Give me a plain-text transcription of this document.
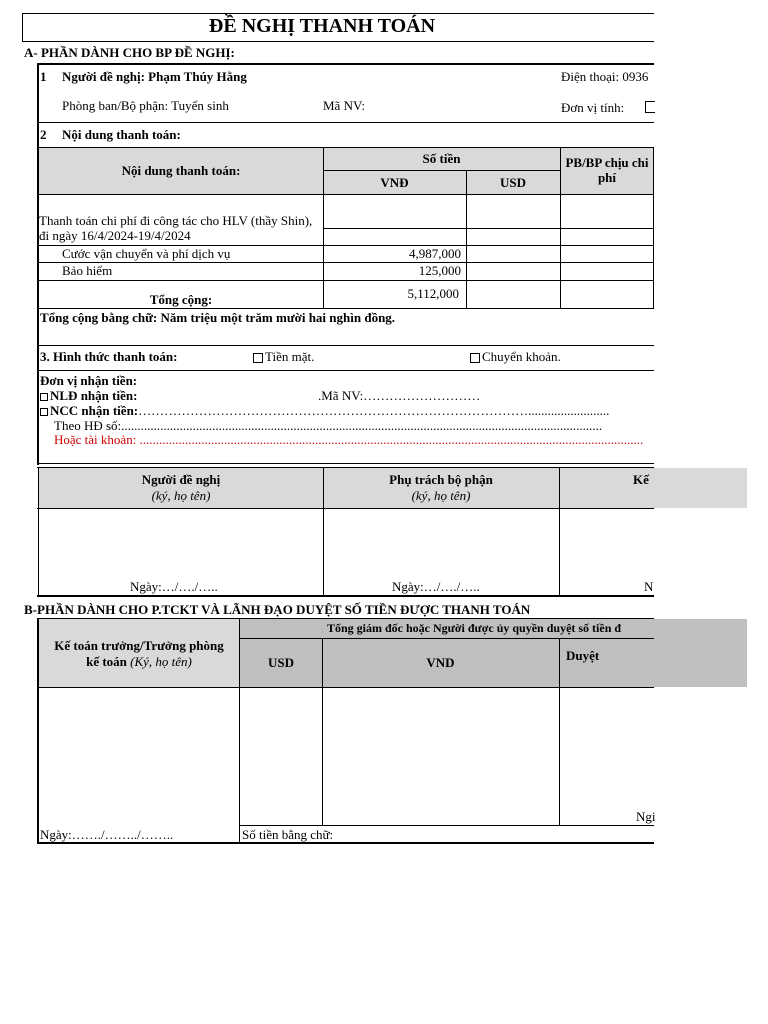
ĐỀ NGHỊ THANH TOÁN
A- PHẦN DÀNH CHO BP ĐỀ NGHỊ:
1 Người đề nghị: Phạm Thúy Hằng	Điện thoại: 0936
Phòng ban/Bộ phận: Tuyển sinh	Mã NV:	Đơn vị tính:
2 Nội dung thanh toán:
Nội dung thanh toán:
Số tiền
VNĐ	USD
PB/BP chịu chi phí
Thanh toán chi phí đi công tác cho HLV (thầy Shin), đi ngày 16/4/2024-19/4/2024
Cước vận chuyển và phí dịch vụ	4,987,000
Bảo hiểm	125,000
Tổng cộng:	5,112,000
Tổng cộng bằng chữ: Năm triệu một trăm mười hai nghìn đồng.
3. Hình thức thanh toán:	Tiền mặt.	Chuyển khoản.
Đơn vị nhận tiền:
NLĐ nhận tiền:	.Mã NV:………………………
NCC nhận tiền:……………………………………………………………………………….........................
Theo HĐ số:....................................................................................................................................................
Hoặc tài khoản: ...........................................................................................................................................................
Người đề nghị
(ký, họ tên)
Phụ trách bộ phận
(ký, họ tên)
Kế
Ngày:…/…./…..	Ngày:…/…./…..	N
B-PHẦN DÀNH CHO P.TCKT VÀ LÃNH ĐẠO DUYỆT SỐ TIỀN ĐƯỢC THANH TOÁN
Kế toán trưởng/Trưởng phòng
kế toán (Ký, họ tên)
Tổng giám đốc hoặc Người được ủy quyền duyệt số tiền đ
USD	VND	Duyệt
Ngi
Ngày:……./……../……..	Số tiền bằng chữ:
